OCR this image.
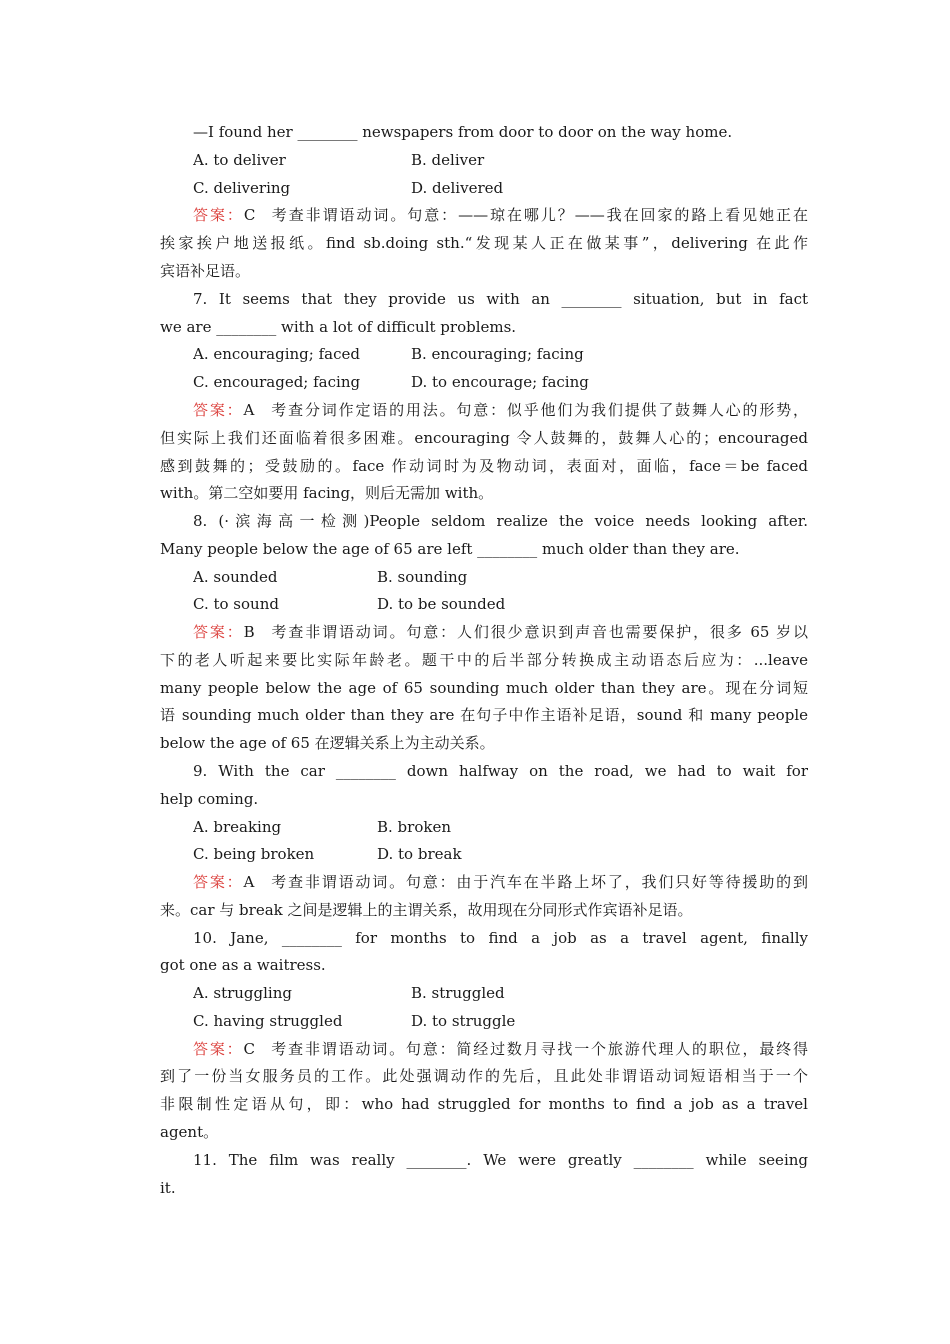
—I found her ________ newspapers from door to door on the way home.
A. to deliver	B. deliver
C. delivering	D. delivered
答案：C 考查非谓语动词。句意：——琼在哪儿？——我在回家的路上看见她正在
挨家挨户地送报纸。find sb.doing sth.“发现某人正在做某事”，delivering 在此作
宾语补足语。
7. It seems that they provide us with an ________ situation, but in fact
we are ________ with a lot of difficult problems.
A. encouraging; faced	B. encouraging; facing
C. encouraged; facing	D. to encourage; facing
答案：A 考查分词作定语的用法。句意：似乎他们为我们提供了鼓舞人心的形势，
但实际上我们还面临着很多困难。encouraging 令人鼓舞的，鼓舞人心的；encouraged
感到鼓舞的；受鼓励的。face 作动词时为及物动词，表面对，面临，face＝be faced
with。第二空如要用 facing，则后无需加 with。
8. (·滨海高一检测)People seldom realize the voice needs looking after.
Many people below the age of 65 are left ________ much older than they are.
A. sounded	B. sounding
C. to sound	D. to be sounded
答案：B 考查非谓语动词。句意：人们很少意识到声音也需要保护，很多 65 岁以
下的老人听起来要比实际年龄老。题干中的后半部分转换成主动语态后应为：...leave
many people below the age of 65 sounding much older than they are。现在分词短
语 sounding much older than they are 在句子中作主语补足语，sound 和 many people
below the age of 65 在逻辑关系上为主动关系。
9. With the car ________ down halfway on the road, we had to wait for
help coming.
A. breaking	B. broken
C. being broken	D. to break
答案：A 考查非谓语动词。句意：由于汽车在半路上坏了，我们只好等待援助的到
来。car 与 break 之间是逻辑上的主谓关系，故用现在分同形式作宾语补足语。
10. Jane, ________ for months to find a job as a travel agent, finally
got one as a waitress.
A. struggling	B. struggled
C. having struggled	D. to struggle
答案：C 考查非谓语动词。句意：简经过数月寻找一个旅游代理人的职位，最终得
到了一份当女服务员的工作。此处强调动作的先后，且此处非谓语动词短语相当于一个
非限制性定语从句，即：who had struggled for months to find a job as a travel
agent。
11. The film was really ________. We were greatly ________ while seeing
it.
